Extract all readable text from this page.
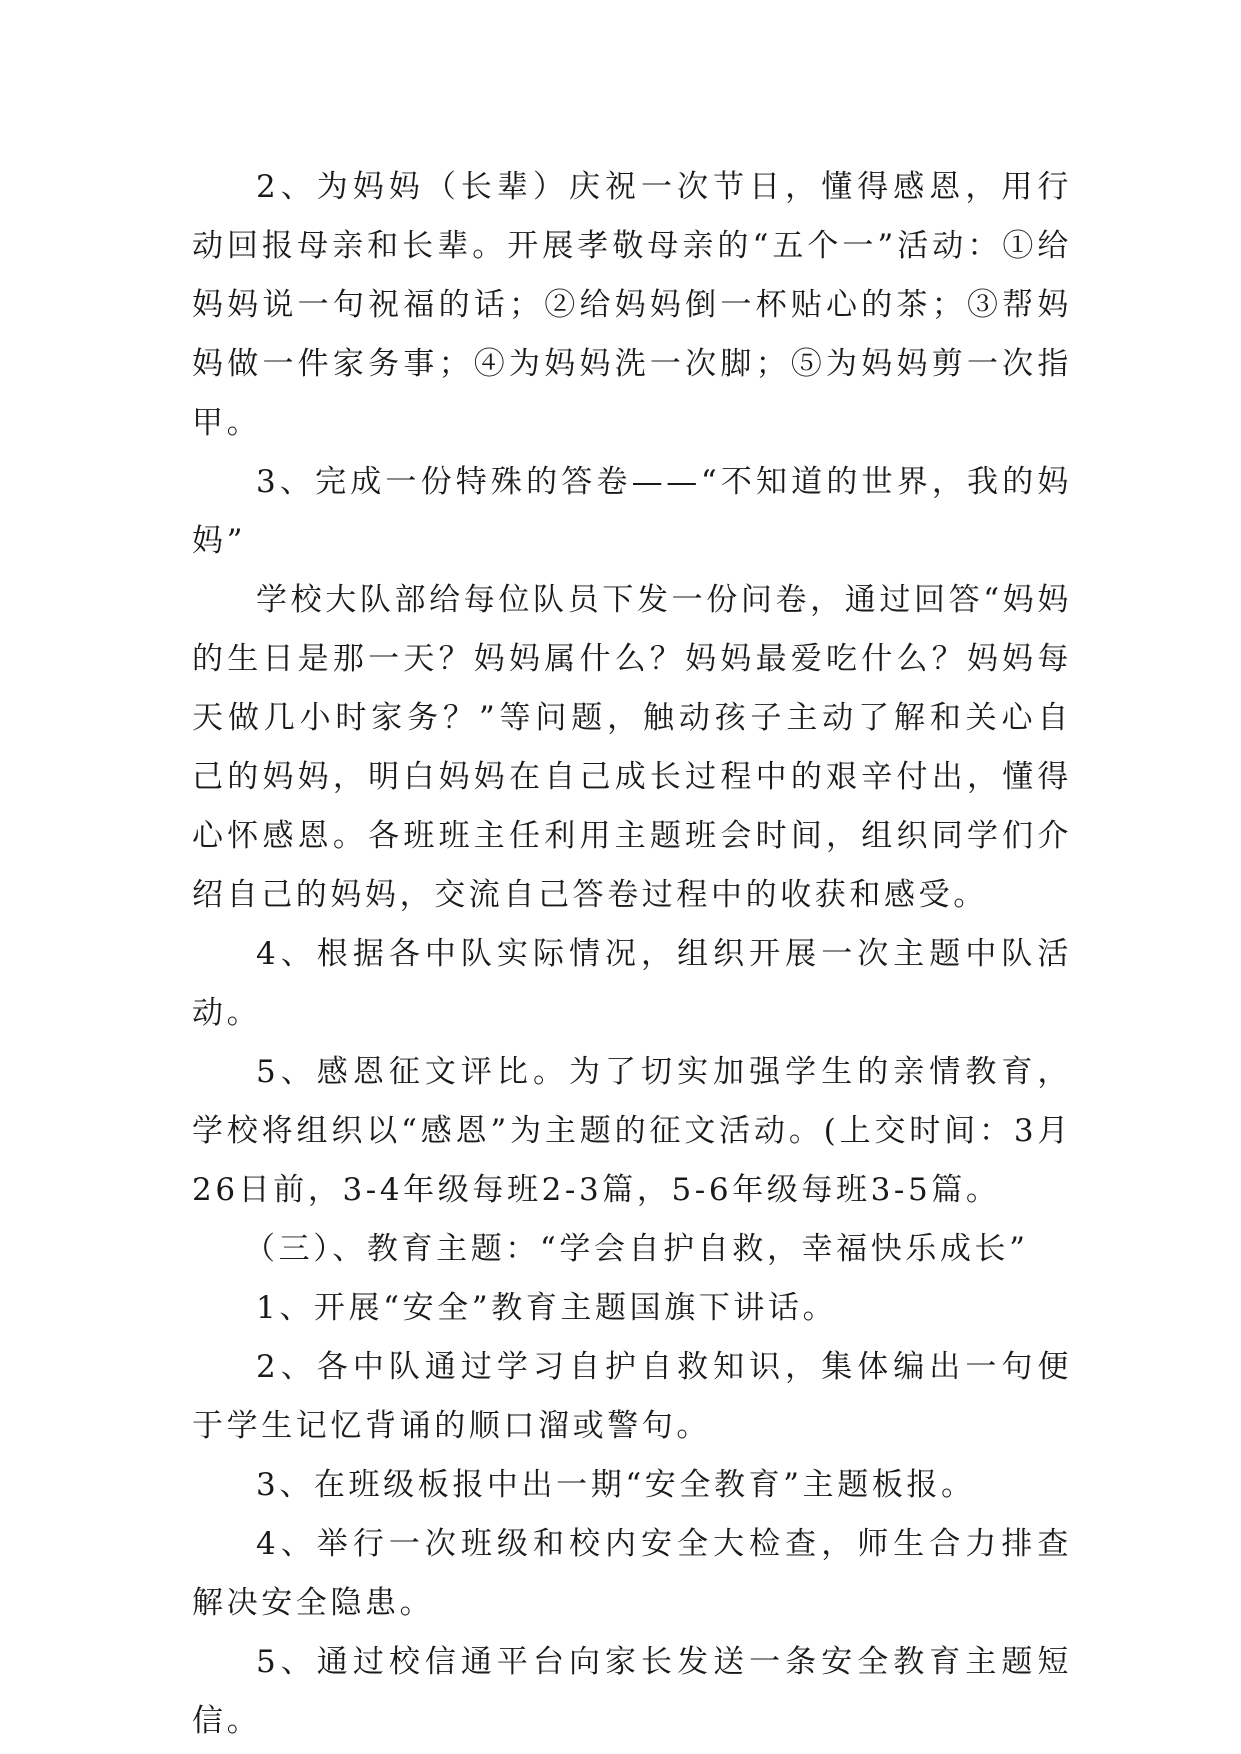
2、为妈妈（长辈）庆祝一次节日，懂得感恩，用行动回报母亲和长辈。开展孝敬母亲的“五个一”活动：①给妈妈说一句祝福的话；②给妈妈倒一杯贴心的茶；③帮妈妈做一件家务事；④为妈妈洗一次脚；⑤为妈妈剪一次指甲。

3、完成一份特殊的答卷——“不知道的世界，我的妈妈”

学校大队部给每位队员下发一份问卷，通过回答“妈妈的生日是那一天？妈妈属什么？妈妈最爱吃什么？妈妈每天做几小时家务？”等问题，触动孩子主动了解和关心自己的妈妈，明白妈妈在自己成长过程中的艰辛付出，懂得心怀感恩。各班班主任利用主题班会时间，组织同学们介绍自己的妈妈，交流自己答卷过程中的收获和感受。

4、根据各中队实际情况，组织开展一次主题中队活动。

5、感恩征文评比。为了切实加强学生的亲情教育，学校将组织以“感恩”为主题的征文活动。(上交时间：3月26日前，3-4年级每班2-3篇，5-6年级每班3-5篇。

（三）、教育主题：“学会自护自救，幸福快乐成长”

1、开展“安全”教育主题国旗下讲话。

2、各中队通过学习自护自救知识，集体编出一句便于学生记忆背诵的顺口溜或警句。

3、在班级板报中出一期“安全教育”主题板报。

4、举行一次班级和校内安全大检查，师生合力排查解决安全隐患。

5、通过校信通平台向家长发送一条安全教育主题短信。
